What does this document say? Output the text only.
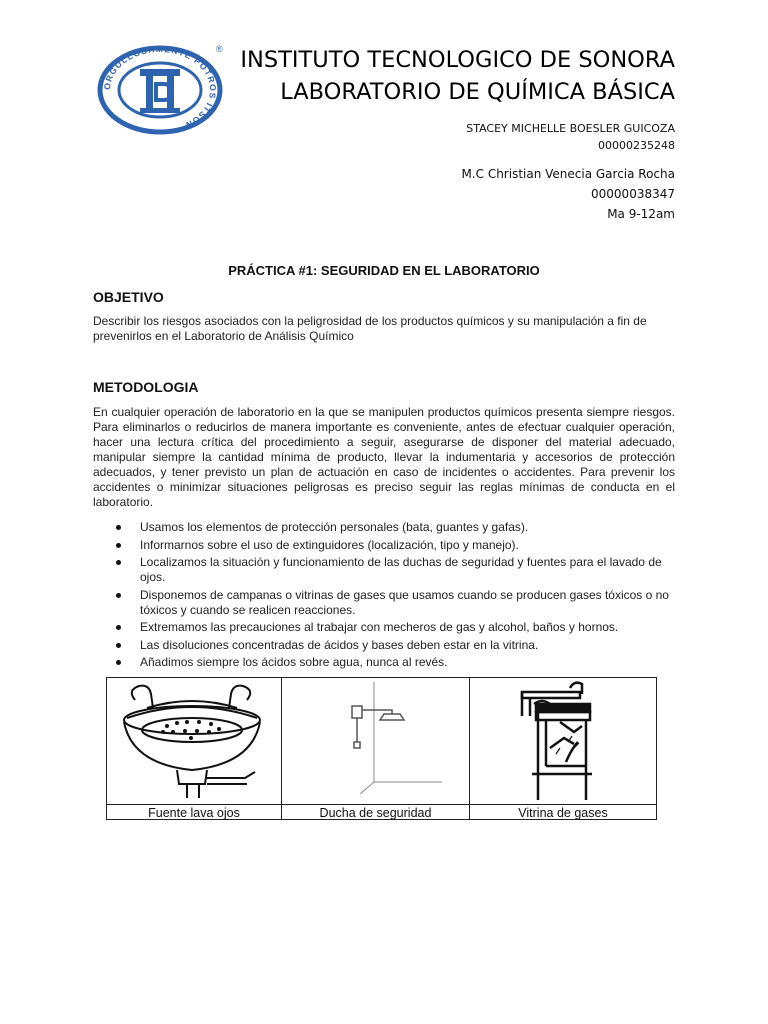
ORGULLOSAMENTE POTROS ITSON
® INSTITUTO TECNOLOGICO DE SONORA
LABORATORIO DE QUÍMICA BÁSICA
STACEY MICHELLE BOESLER GUICOZA
00000235248
M.C Christian Venecia Garcia Rocha
00000038347
Ma 9-12am
PRÁCTICA #1: SEGURIDAD EN EL LABORATORIO
OBJETIVO

Describir los riesgos asociados con la peligrosidad de los productos químicos y su manipulación a fin de prevenirlos en el Laboratorio de Análisis Químico

METODOLOGIA

En cualquier operación de laboratorio en la que se manipulen productos químicos presenta siempre riesgos. Para eliminarlos o reducirlos de manera importante es conveniente, antes de efectuar cualquier operación, hacer una lectura crítica del procedimiento a seguir, asegurarse de disponer del material adecuado, manipular siempre la cantidad mínima de producto, llevar la indumentaria y accesorios de protección adecuados, y tener previsto un plan de actuación en caso de incidentes o accidentes. Para prevenir los accidentes o minimizar situaciones peligrosas es preciso seguir las reglas mínimas de conducta en el laboratorio.

Usamos los elementos de protección personales (bata, guantes y gafas).
Informarnos sobre el uso de extinguidores (localización, tipo y manejo).
Localizamos la situación y funcionamiento de las duchas de seguridad y fuentes para el lavado de ojos.
Disponemos de campanas o vitrinas de gases que usamos cuando se producen gases tóxicos o no tóxicos y cuando se realicen reacciones.
Extremamos las precauciones al trabajar con mecheros de gas y alcohol, baños y hornos.
Las disoluciones concentradas de ácidos y bases deben estar en la vitrina.
Añadimos siempre los ácidos sobre agua, nunca al revés.
Fuente lava ojos	Ducha de seguridad	Vitrina de gases
